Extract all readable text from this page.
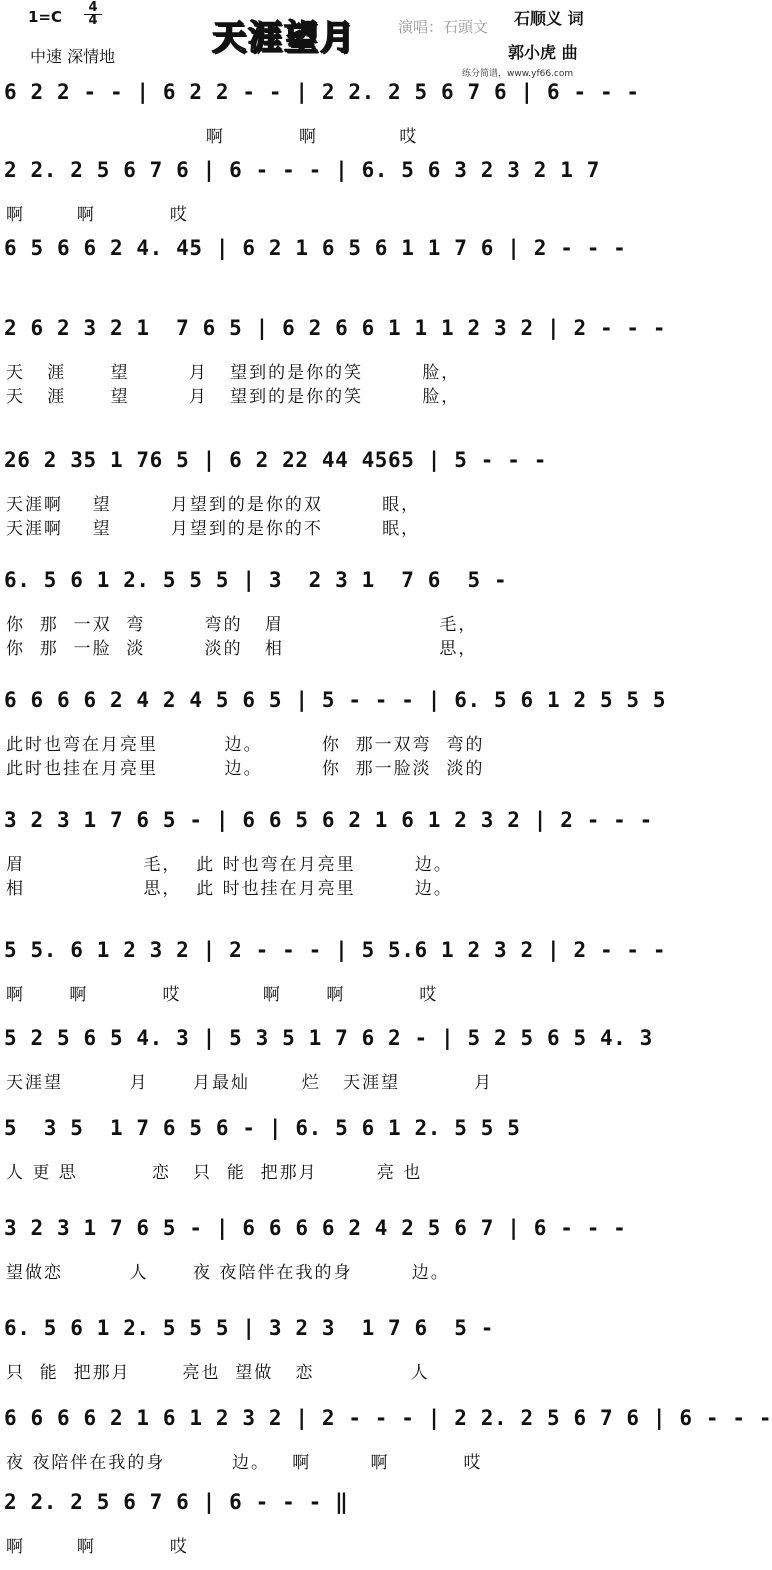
1=C
4
4
中速 深情地	天涯望月	演唱：石頭文 石顺义 词
郭小虎 曲
练分简谱，www.yf66.com
6 2 2 - - | 6 2 2 - - | 2 2. 2 5 6 7 6 | 6 - - -
啊          啊           哎
2 2. 2 5 6 7 6 | 6 - - - | 6. 5 6 3 2 3 2 1 7
啊       啊          哎
6 5 6 6 2 4. 45 | 6 2 1 6 5 6 1 1 7 6 | 2 - - -
2 6 2 3 2 1  7 6 5 | 6 2 6 6 1 1 1 2 3 2 | 2 - - -
天   涯      望        月   望到的是你的笑        脸，
天   涯      望        月   望到的是你的笑        脸，
26 2 35 1 76 5 | 6 2 22 44 4565 | 5 - - -
天涯啊    望        月望到的是你的双        眼，
天涯啊    望        月望到的是你的不        眠，
6. 5 6 1 2. 5 5 5 | 3  2 3 1  7 6  5 -
你  那  一双  弯        弯的   眉                     毛，
你  那  一脸  淡        淡的   相                     思，
6 6 6 6 2 4 2 4 5 6 5 | 5 - - - | 6. 5 6 1 2 5 5 5
此时也弯在月亮里         边。        你  那一双弯  弯的
此时也挂在月亮里         边。        你  那一脸淡  淡的
3 2 3 1 7 6 5 - | 6 6 5 6 2 1 6 1 2 3 2 | 2 - - -
眉                毛，  此 时也弯在月亮里        边。
相                思，  此 时也挂在月亮里        边。
5 5. 6 1 2 3 2 | 2 - - - | 5 5.6 1 2 3 2 | 2 - - -
啊      啊          哎           啊      啊          哎
5 2 5 6 5 4. 3 | 5 3 5 1 7 6 2 - | 5 2 5 6 5 4. 3
天涯望         月      月最灿       烂   天涯望          月
5  3 5  1 7 6 5 6 - | 6. 5 6 1 2. 5 5 5
人 更 思          恋   只  能  把那月        亮 也
3 2 3 1 7 6 5 - | 6 6 6 6 2 4 2 5 6 7 | 6 - - -
望做恋         人      夜 夜陪伴在我的身        边。
6. 5 6 1 2. 5 5 5 | 3 2 3  1 7 6  5 -
只  能  把那月       亮也  望做   恋             人
6 6 6 6 2 1 6 1 2 3 2 | 2 - - - | 2 2. 2 5 6 7 6 | 6 - - -
夜 夜陪伴在我的身         边。   啊        啊          哎
2 2. 2 5 6 7 6 | 6 - - - ‖
啊       啊          哎
